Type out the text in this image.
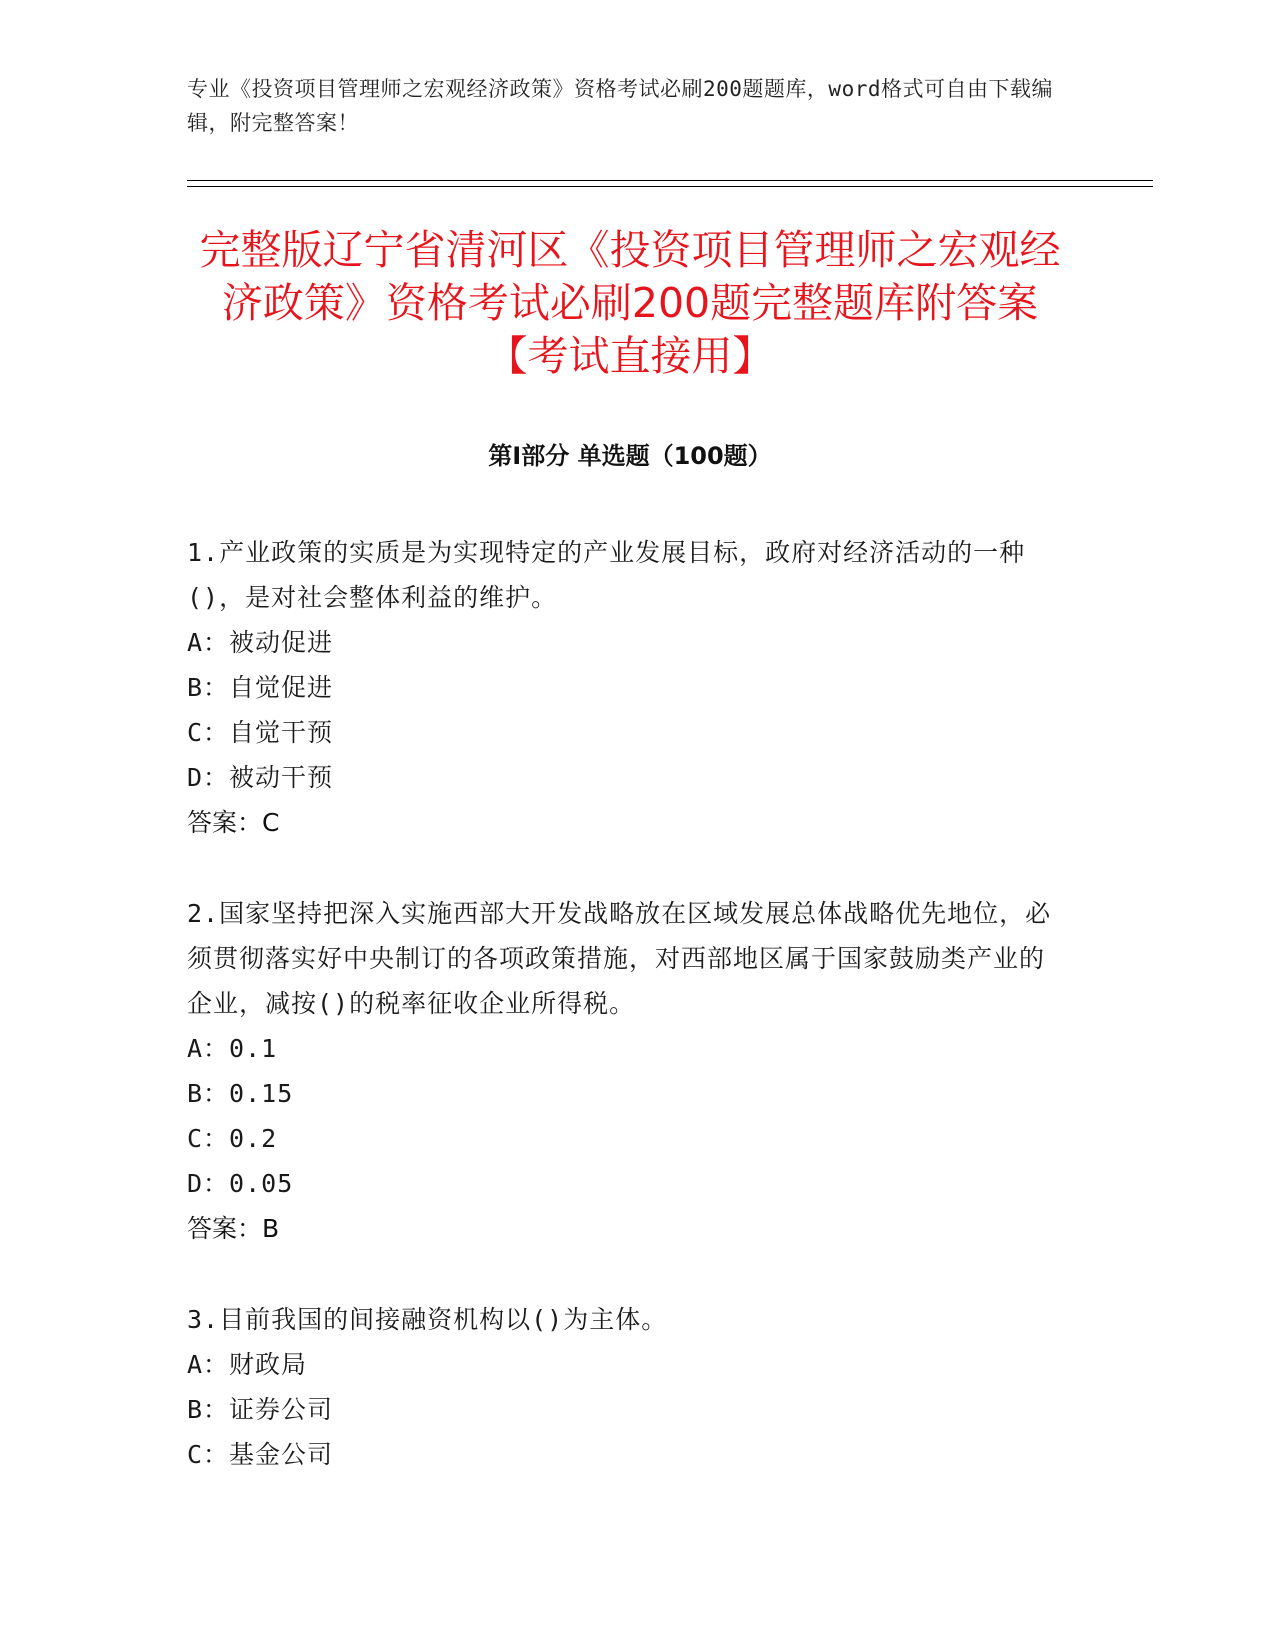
专业《投资项目管理师之宏观经济政策》资格考试必刷200题题库，word格式可自由下载编辑，附完整答案！
完整版辽宁省清河区《投资项目管理师之宏观经济政策》资格考试必刷200题完整题库附答案【考试直接用】
第Ⅰ部分 单选题（100题）

1.产业政策的实质是为实现特定的产业发展目标，政府对经济活动的一种()，是对社会整体利益的维护。

A：被动促进
B：自觉促进
C：自觉干预
D：被动干预
答案：C

2.国家坚持把深入实施西部大开发战略放在区域发展总体战略优先地位，必须贯彻落实好中央制订的各项政策措施，对西部地区属于国家鼓励类产业的企业，减按()的税率征收企业所得税。

A：0.1
B：0.15
C：0.2
D：0.05
答案：B

3.目前我国的间接融资机构以()为主体。

A：财政局
B：证券公司
C：基金公司
